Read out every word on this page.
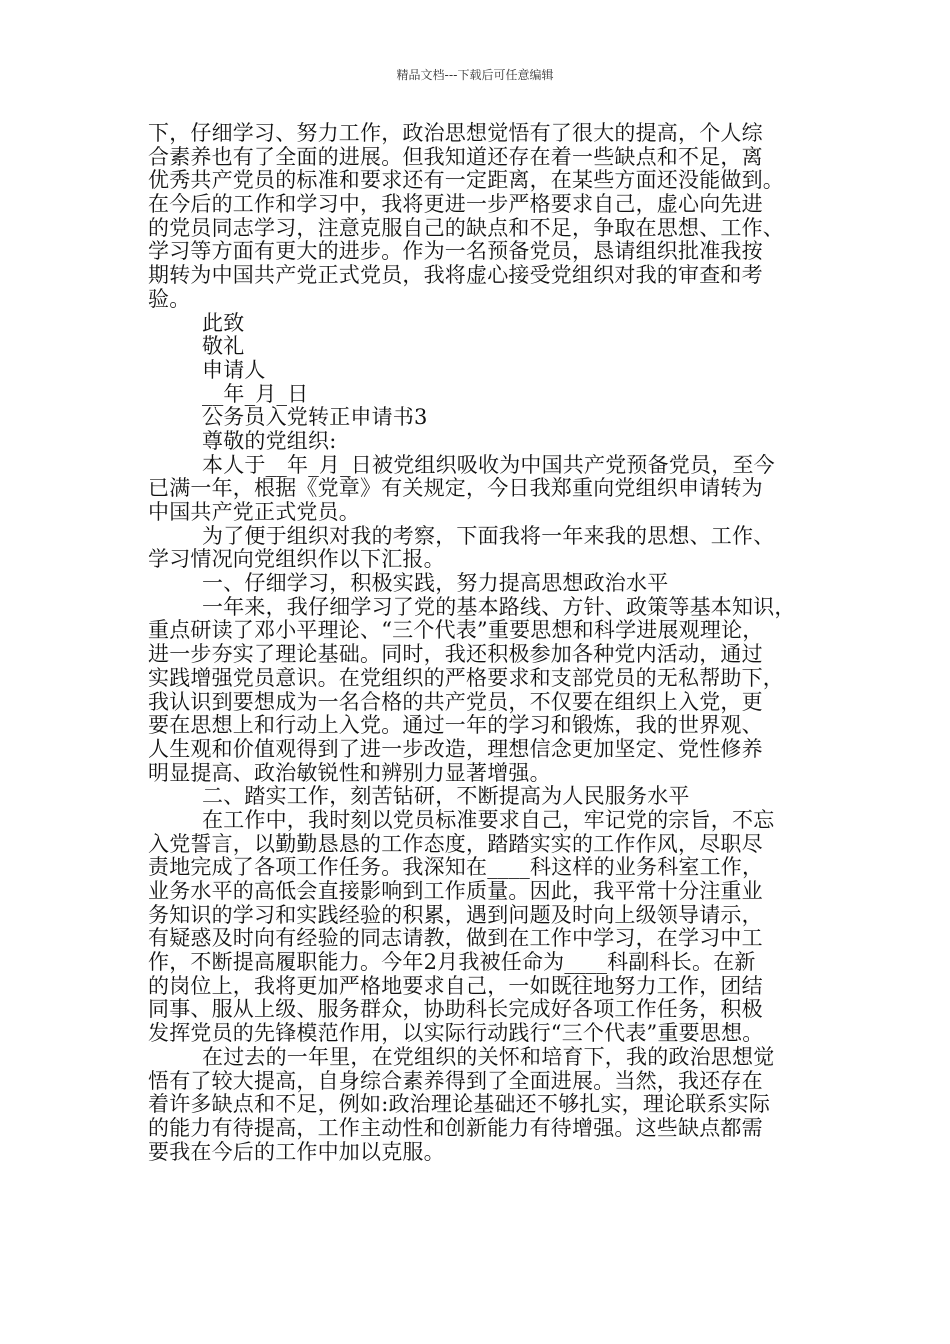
精品文档---下载后可任意编辑
下，仔细学习、努力工作，政治思想觉悟有了很大的提高，个人综
合素养也有了全面的进展。但我知道还存在着一些缺点和不足，离
优秀共产党员的标准和要求还有一定距离，在某些方面还没能做到。
在今后的工作和学习中，我将更进一步严格要求自己，虚心向先进
的党员同志学习，注意克服自己的缺点和不足，争取在思想、工作、
学习等方面有更大的进步。作为一名预备党员，恳请组织批准我按
期转为中国共产党正式党员，我将虚心接受党组织对我的审查和考
验。
此致
敬礼
申请人
__年_月_日
公务员入党转正申请书3
尊敬的党组织:
本人于__年_月_日被党组织吸收为中国共产党预备党员，至今
已满一年，根据《党章》有关规定，今日我郑重向党组织申请转为
中国共产党正式党员。
为了便于组织对我的考察，下面我将一年来我的思想、工作、
学习情况向党组织作以下汇报。
一、仔细学习，积极实践，努力提高思想政治水平
一年来，我仔细学习了党的基本路线、方针、政策等基本知识，
重点研读了邓小平理论、“三个代表”重要思想和科学进展观理论，
进一步夯实了理论基础。同时，我还积极参加各种党内活动，通过
实践增强党员意识。在党组织的严格要求和支部党员的无私帮助下，
我认识到要想成为一名合格的共产党员，不仅要在组织上入党，更
要在思想上和行动上入党。通过一年的学习和锻炼，我的世界观、
人生观和价值观得到了进一步改造，理想信念更加坚定、党性修养
明显提高、政治敏锐性和辨别力显著增强。
二、踏实工作，刻苦钻研，不断提高为人民服务水平
在工作中，我时刻以党员标准要求自己，牢记党的宗旨，不忘
入党誓言，以勤勤恳恳的工作态度，踏踏实实的工作作风，尽职尽
责地完成了各项工作任务。我深知在____科这样的业务科室工作，
业务水平的高低会直接影响到工作质量。因此，我平常十分注重业
务知识的学习和实践经验的积累，遇到问题及时向上级领导请示，
有疑惑及时向有经验的同志请教，做到在工作中学习，在学习中工
作，不断提高履职能力。今年2月我被任命为____科副科长。在新
的岗位上，我将更加严格地要求自己，一如既往地努力工作，团结
同事、服从上级、服务群众，协助科长完成好各项工作任务，积极
发挥党员的先锋模范作用，以实际行动践行“三个代表”重要思想。
在过去的一年里，在党组织的关怀和培育下，我的政治思想觉
悟有了较大提高，自身综合素养得到了全面进展。当然，我还存在
着许多缺点和不足，例如:政治理论基础还不够扎实，理论联系实际
的能力有待提高，工作主动性和创新能力有待增强。这些缺点都需
要我在今后的工作中加以克服。
